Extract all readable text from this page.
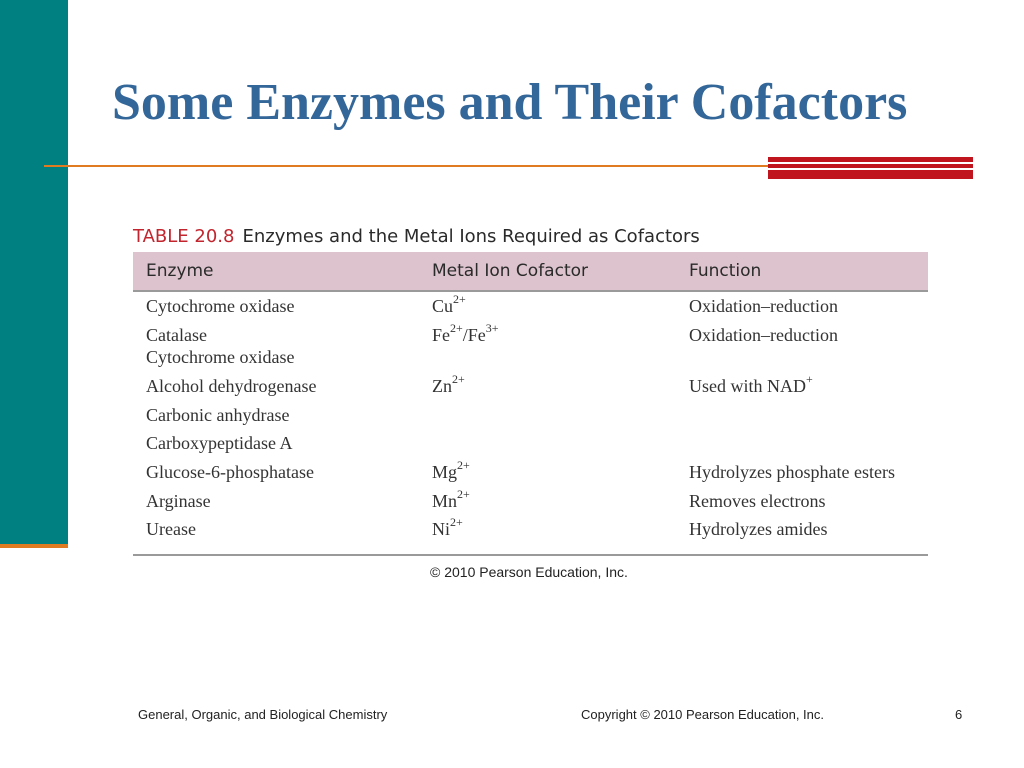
Some Enzymes and Their Cofactors
TABLE 20.8 Enzymes and the Metal Ions Required as Cofactors
Enzyme	Metal Ion Cofactor	Function
Cytochrome oxidase	$Cu^{2+}$	Oxidation–reduction
Catalase	$Fe^{2+}/Fe^{3+}$	Oxidation–reduction
Cytochrome oxidase
Alcohol dehydrogenase	$Zn^{2+}$	Used with NAD+
Carbonic anhydrase
Carboxypeptidase A
Glucose-6-phosphatase	$Mg^{2+}$	Hydrolyzes phosphate esters
Arginase	$Mn^{2+}$	Removes electrons
Urease	$Ni^{2+}$	Hydrolyzes amides
© 2010 Pearson Education, Inc.
General, Organic, and Biological Chemistry	Copyright © 2010 Pearson Education, Inc.	6
